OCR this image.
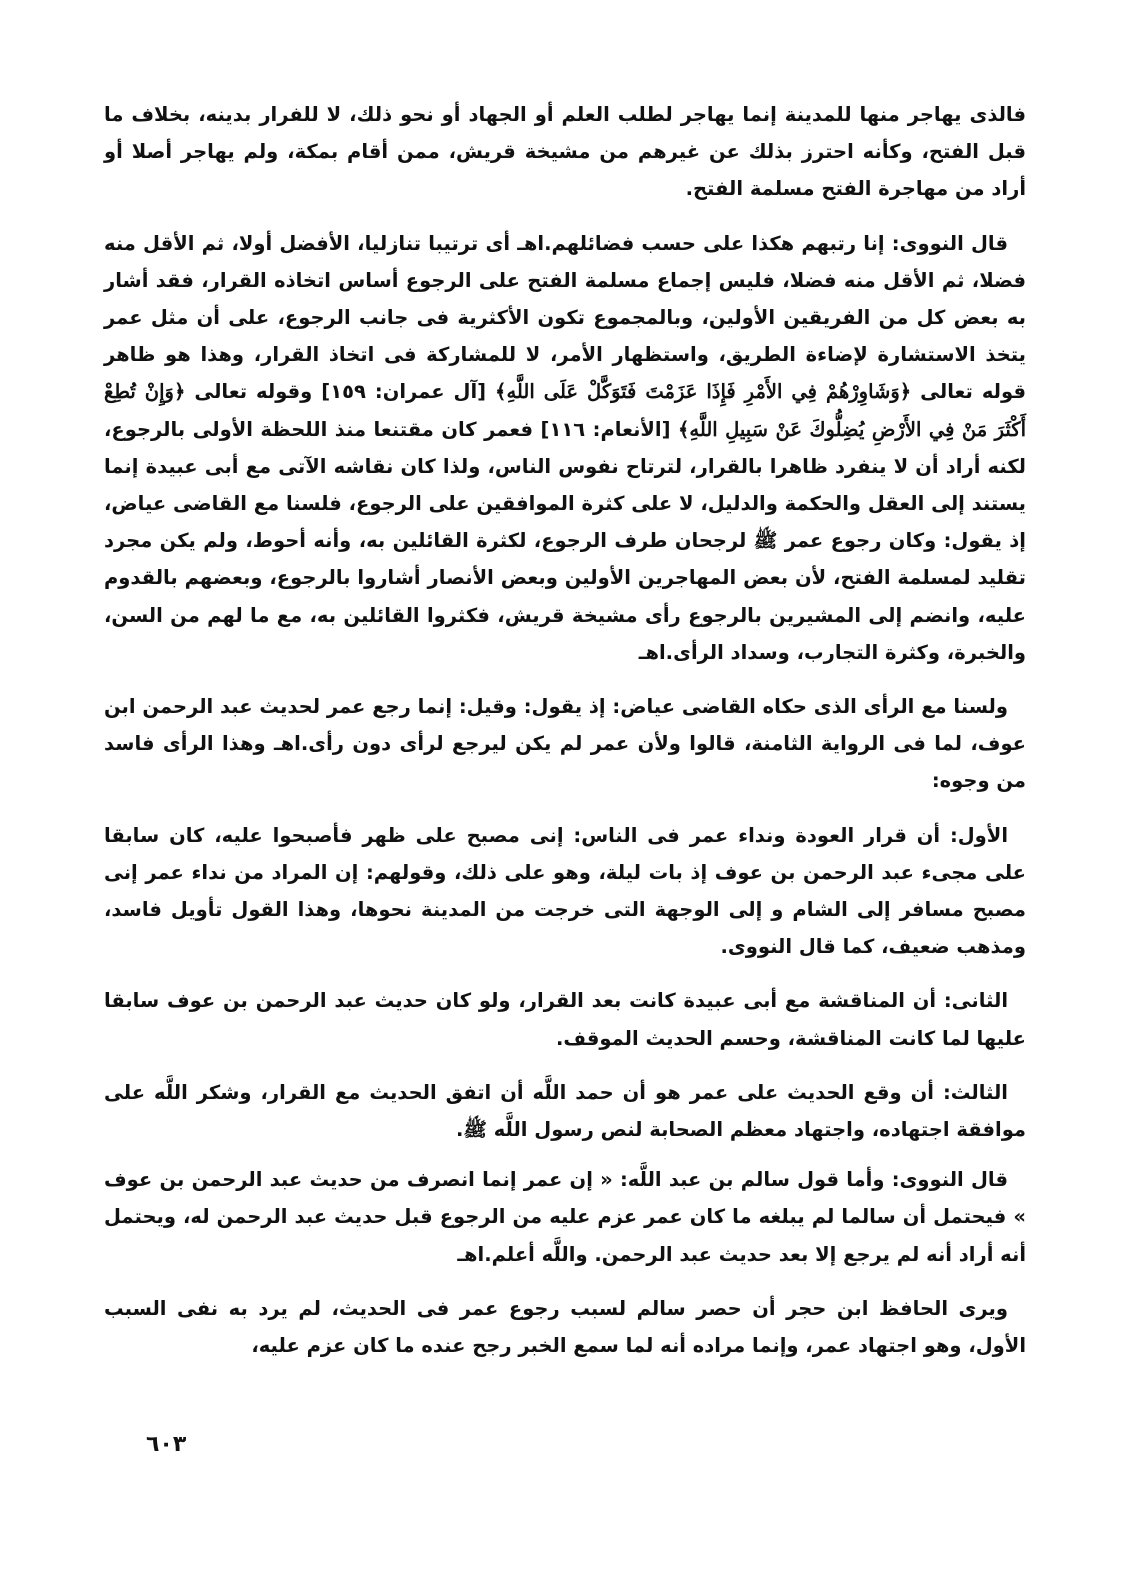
فالذى يهاجر منها للمدينة إنما يهاجر لطلب العلم أو الجهاد أو نحو ذلك، لا للفرار بدينه، بخلاف ما قبل الفتح، وكأنه احترز بذلك عن غيرهم من مشيخة قريش، ممن أقام بمكة، ولم يهاجر أصلا أو أراد من مهاجرة الفتح مسلمة الفتح.

قال النووى: إنا رتبهم هكذا على حسب فضائلهم.اهـ أى ترتيبا تنازليا، الأفضل أولا، ثم الأقل منه فضلا، ثم الأقل منه فضلا، فليس إجماع مسلمة الفتح على الرجوع أساس اتخاذه القرار، فقد أشار به بعض كل من الفريقين الأولين، وبالمجموع تكون الأكثرية فى جانب الرجوع، على أن مثل عمر يتخذ الاستشارة لإضاءة الطريق، واستظهار الأمر، لا للمشاركة فى اتخاذ القرار، وهذا هو ظاهر قوله تعالى ﴿وَشَاوِرْهُمْ فِي الأَمْرِ فَإِذَا عَزَمْتَ فَتَوَكَّلْ عَلَى اللَّهِ﴾ [آل عمران: ١٥٩] وقوله تعالى ﴿وَإِنْ تُطِعْ أَكْثَرَ مَنْ فِي الأَرْضِ يُضِلُّوكَ عَنْ سَبِيلِ اللَّهِ﴾ [الأنعام: ١١٦] فعمر كان مقتنعا منذ اللحظة الأولى بالرجوع، لكنه أراد أن لا ينفرد ظاهرا بالقرار، لترتاح نفوس الناس، ولذا كان نقاشه الآتى مع أبى عبيدة إنما يستند إلى العقل والحكمة والدليل، لا على كثرة الموافقين على الرجوع، فلسنا مع القاضى عياض، إذ يقول: وكان رجوع عمر ﷺ لرجحان طرف الرجوع، لكثرة القائلين به، وأنه أحوط، ولم يكن مجرد تقليد لمسلمة الفتح، لأن بعض المهاجرين الأولين وبعض الأنصار أشاروا بالرجوع، وبعضهم بالقدوم عليه، وانضم إلى المشيرين بالرجوع رأى مشيخة قريش، فكثروا القائلين به، مع ما لهم من السن، والخبرة، وكثرة التجارب، وسداد الرأى.اهـ

ولسنا مع الرأى الذى حكاه القاضى عياض: إذ يقول: وقيل: إنما رجع عمر لحديث عبد الرحمن ابن عوف، لما فى الرواية الثامنة، قالوا ولأن عمر لم يكن ليرجع لرأى دون رأى.اهـ وهذا الرأى فاسد من وجوه:

الأول: أن قرار العودة ونداء عمر فى الناس: إنى مصبح على ظهر فأصبحوا عليه، كان سابقا على مجىء عبد الرحمن بن عوف إذ بات ليلة، وهو على ذلك، وقولهم: إن المراد من نداء عمر إنى مصبح مسافر إلى الشام و إلى الوجهة التى خرجت من المدينة نحوها، وهذا القول تأويل فاسد، ومذهب ضعيف، كما قال النووى.

الثانى: أن المناقشة مع أبى عبيدة كانت بعد القرار، ولو كان حديث عبد الرحمن بن عوف سابقا عليها لما كانت المناقشة، وحسم الحديث الموقف.

الثالث: أن وقع الحديث على عمر هو أن حمد اللَّه أن اتفق الحديث مع القرار، وشكر اللَّه على موافقة اجتهاده، واجتهاد معظم الصحابة لنص رسول اللَّه ﷺ.

قال النووى: وأما قول سالم بن عبد اللَّه: « إن عمر إنما انصرف من حديث عبد الرحمن بن عوف » فيحتمل أن سالما لم يبلغه ما كان عمر عزم عليه من الرجوع قبل حديث عبد الرحمن له، ويحتمل أنه أراد أنه لم يرجع إلا بعد حديث عبد الرحمن. واللَّه أعلم.اهـ

ويرى الحافظ ابن حجر أن حصر سالم لسبب رجوع عمر فى الحديث، لم يرد به نفى السبب الأول، وهو اجتهاد عمر، وإنما مراده أنه لما سمع الخبر رجح عنده ما كان عزم عليه،

٦٠٣
